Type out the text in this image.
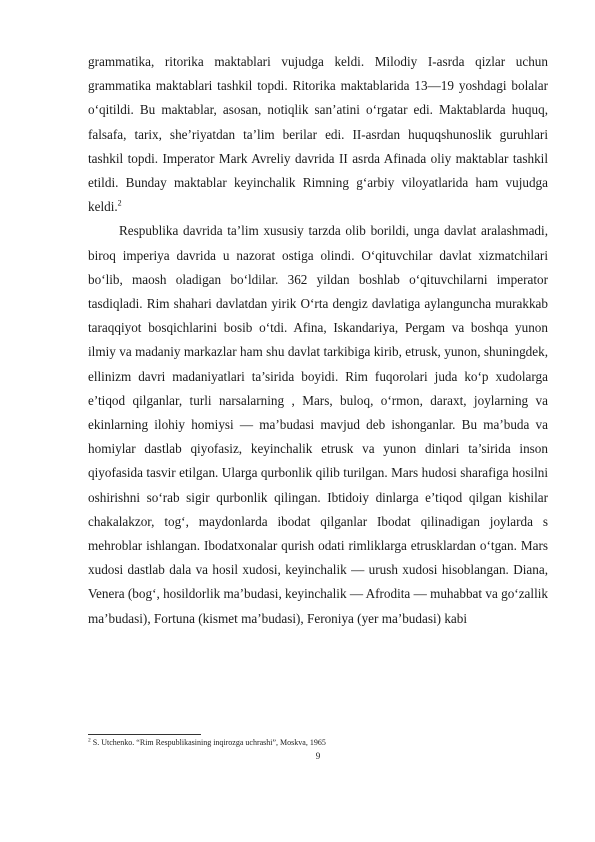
grammatika, ritorika maktablari vujudga keldi. Milodiy I-asrda qizlar uchun grammatika maktablari tashkil topdi. Ritorika maktablarida 13—19 yoshdagi bolalar o‘qitildi. Bu maktablar, asosan, notiqlik san’atini o‘rgatar edi. Maktablarda huquq, falsafa, tarix, she’riyatdan ta’lim berilar edi. II-asrdan huquqshunoslik guruhlari tashkil topdi. Imperator Mark Avreliy davrida II asrda Afinada oliy maktablar tashkil etildi. Bunday maktablar keyinchalik Rimning g‘arbiy viloyatlarida ham vujudga keldi.$^2$

Respublika davrida ta’lim xususiy tarzda olib borildi, unga davlat aralashmadi, biroq imperiya davrida u nazorat ostiga olindi. O‘qituvchilar davlat xizmatchilari bo‘lib, maosh oladigan bo‘ldilar. 362 yildan boshlab o‘qituvchilarni imperator tasdiqladi. Rim shahari davlatdan yirik O‘rta dengiz davlatiga aylanguncha murakkab taraqqiyot bosqichlarini bosib o‘tdi. Afina, Iskandariya, Pergam va boshqa yunon ilmiy va madaniy markazlar ham shu davlat tarkibiga kirib, etrusk, yunon, shuningdek, ellinizm davri madaniyatlari ta’sirida boyidi. Rim fuqorolari juda ko‘p xudolarga e’tiqod qilganlar, turli narsalarning , Mars, buloq, o‘rmon, daraxt, joylarning va ekinlarning ilohiy homiysi — ma’budasi mavjud deb ishonganlar. Bu ma’buda va homiylar dastlab qiyofasiz, keyinchalik etrusk va yunon dinlari ta’sirida inson qiyofasida tasvir etilgan. Ularga qurbonlik qilib turilgan. Mars hudosi sharafiga hosilni oshirishni so‘rab sigir qurbonlik qilingan. Ibtidoiy dinlarga e’tiqod qilgan kishilar chakalakzor, tog‘, maydonlarda ibodat qilganlar Ibodat qilinadigan joylarda s mehroblar ishlangan. Ibodatxonalar qurish odati rimliklarga etrusklardan o‘tgan. Mars xudosi dastlab dala va hosil xudosi, keyinchalik — urush xudosi hisoblangan. Diana, Venera (bog‘, hosildorlik ma’budasi, keyinchalik — Afrodita — muhabbat va go‘zallik ma’budasi), Fortuna (kismet ma’budasi), Feroniya (yer ma’budasi) kabi

$^2$ S. Utchenko. “Rim Respublikasining inqirozga uchrashi”, Moskva, 1965
9
